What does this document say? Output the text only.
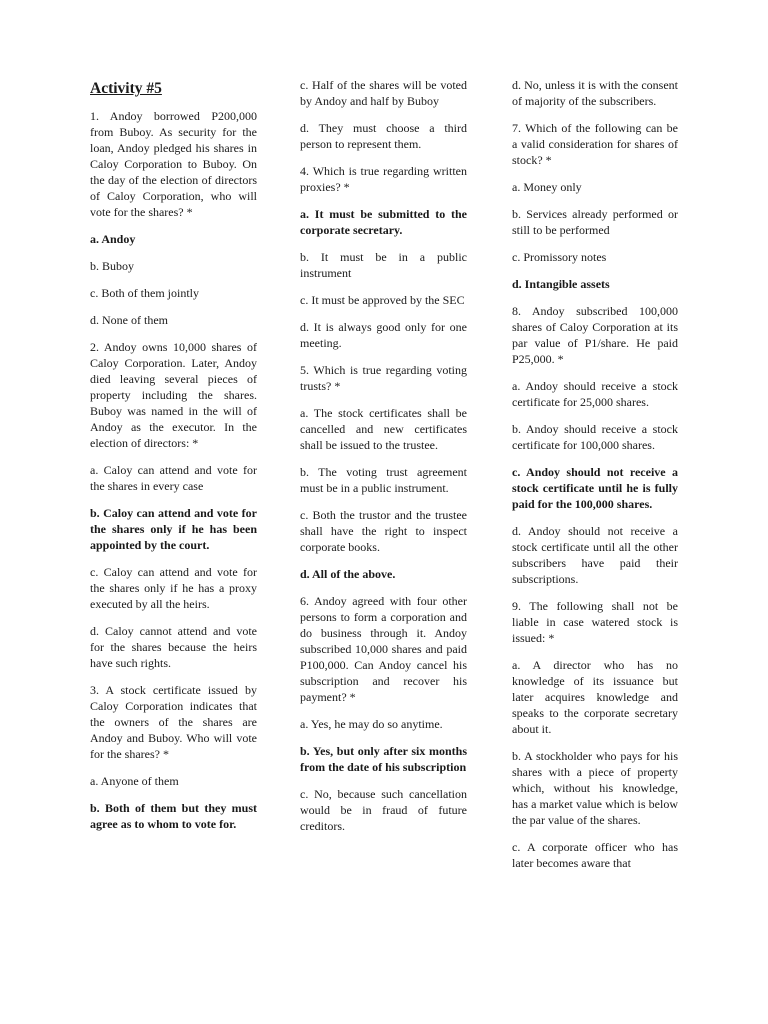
Activity #5

1. Andoy borrowed P200,000 from Buboy. As security for the loan, Andoy pledged his shares in Caloy Corporation to Buboy. On the day of the election of directors of Caloy Corporation, who will vote for the shares? *

a. Andoy

b. Buboy

c. Both of them jointly

d. None of them

2. Andoy owns 10,000 shares of Caloy Corporation. Later, Andoy died leaving several pieces of property including the shares. Buboy was named in the will of Andoy as the executor. In the election of directors: *

a. Caloy can attend and vote for the shares in every case

b. Caloy can attend and vote for the shares only if he has been appointed by the court.

c. Caloy can attend and vote for the shares only if he has a proxy executed by all the heirs.

d. Caloy cannot attend and vote for the shares because the heirs have such rights.

3. A stock certificate issued by Caloy Corporation indicates that the owners of the shares are Andoy and Buboy. Who will vote for the shares? *

a. Anyone of them

b. Both of them but they must agree as to whom to vote for.

c. Half of the shares will be voted by Andoy and half by Buboy

d. They must choose a third person to represent them.

4. Which is true regarding written proxies? *

a. It must be submitted to the corporate secretary.

b. It must be in a public instrument

c. It must be approved by the SEC

d. It is always good only for one meeting.

5. Which is true regarding voting trusts? *

a. The stock certificates shall be cancelled and new certificates shall be issued to the trustee.

b. The voting trust agreement must be in a public instrument.

c. Both the trustor and the trustee shall have the right to inspect corporate books.

d. All of the above.

6. Andoy agreed with four other persons to form a corporation and do business through it. Andoy subscribed 10,000 shares and paid P100,000. Can Andoy cancel his subscription and recover his payment? *

a. Yes, he may do so anytime.

b. Yes, but only after six months from the date of his subscription

c. No, because such cancellation would be in fraud of future creditors.

d. No, unless it is with the consent of majority of the subscribers.

7. Which of the following can be a valid consideration for shares of stock? *

a. Money only

b. Services already performed or still to be performed

c. Promissory notes

d. Intangible assets

8. Andoy subscribed 100,000 shares of Caloy Corporation at its par value of P1/share. He paid P25,000. *

a. Andoy should receive a stock certificate for 25,000 shares.

b. Andoy should receive a stock certificate for 100,000 shares.

c. Andoy should not receive a stock certificate until he is fully paid for the 100,000 shares.

d. Andoy should not receive a stock certificate until all the other subscribers have paid their subscriptions.

9. The following shall not be liable in case watered stock is issued: *

a. A director who has no knowledge of its issuance but later acquires knowledge and speaks to the corporate secretary about it.

b. A stockholder who pays for his shares with a piece of property which, without his knowledge, has a market value which is below the par value of the shares.

c. A corporate officer who has later becomes aware that
